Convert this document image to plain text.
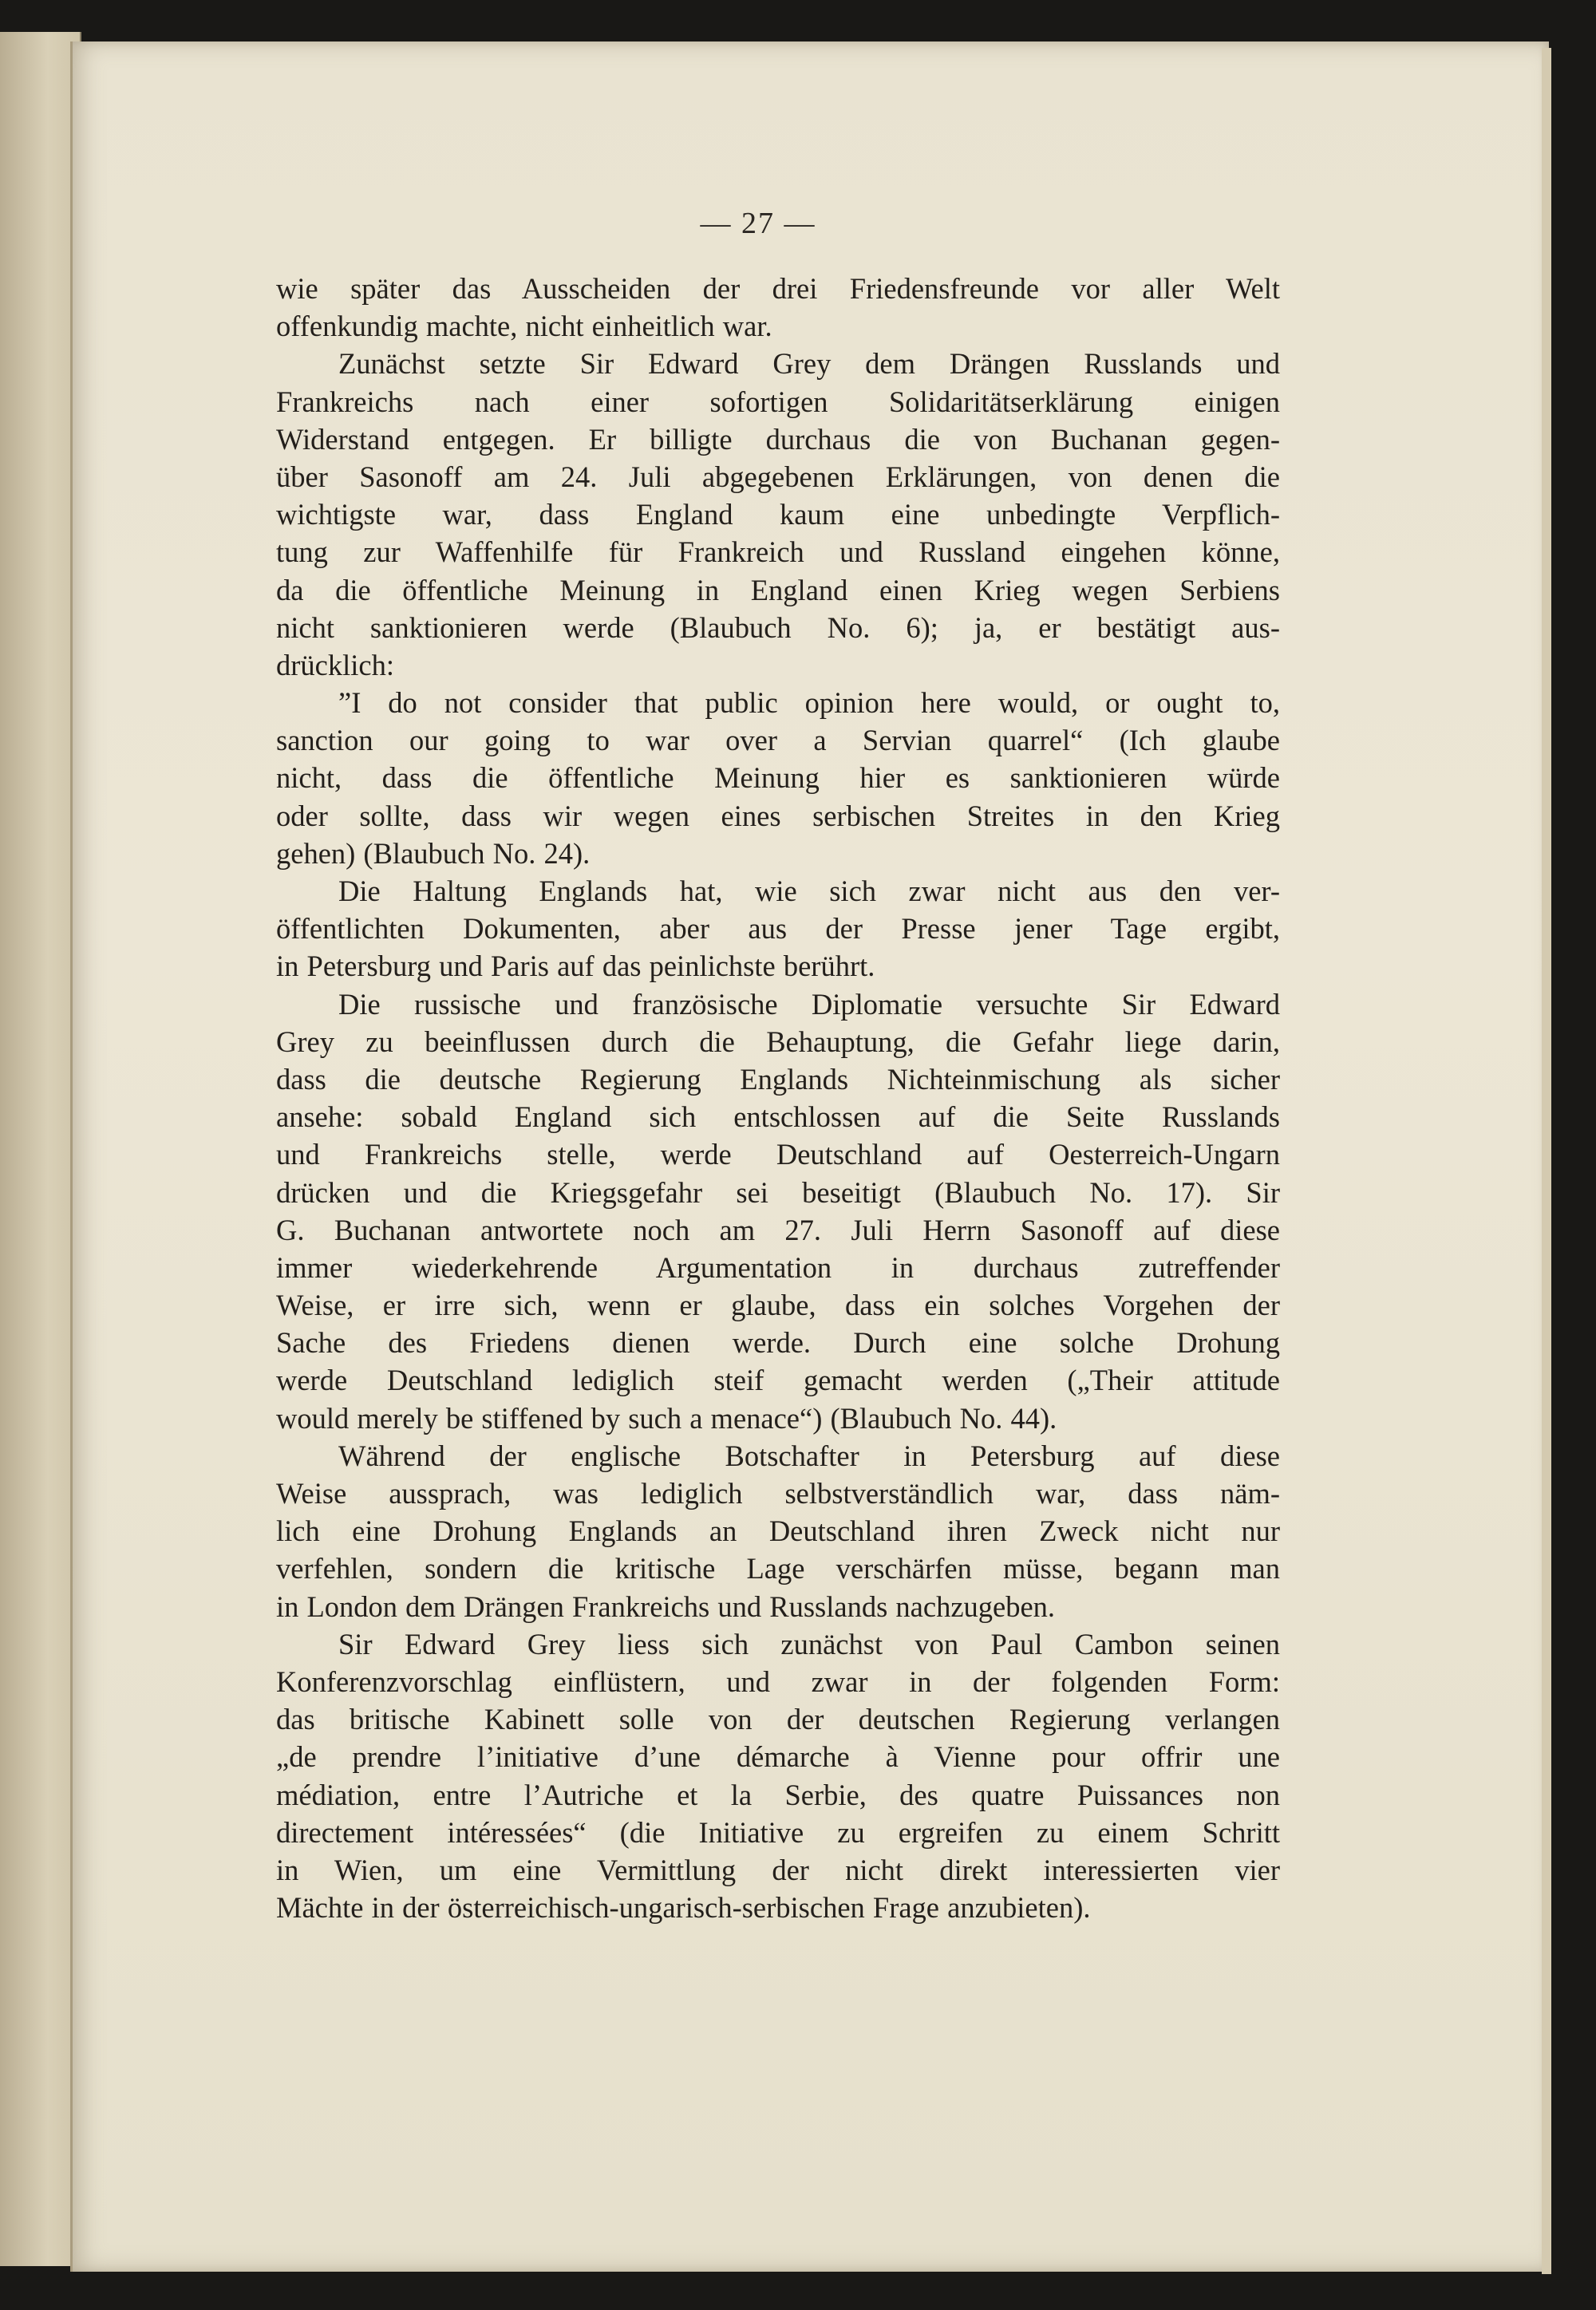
— 27 —
wie später das Ausscheiden der drei Friedensfreunde vor aller Welt
offenkundig machte, nicht einheitlich war.
Zunächst setzte Sir Edward Grey dem Drängen Russlands und
Frankreichs nach einer sofortigen Solidaritätserklärung einigen
Widerstand entgegen. Er billigte durchaus die von Buchanan gegen-
über Sasonoff am 24. Juli abgegebenen Erklärungen, von denen die
wichtigste war, dass England kaum eine unbedingte Verpflich-
tung zur Waffenhilfe für Frankreich und Russland eingehen könne,
da die öffentliche Meinung in England einen Krieg wegen Serbiens
nicht sanktionieren werde (Blaubuch No. 6); ja, er bestätigt aus-
drücklich:
”I do not consider that public opinion here would, or ought to,
sanction our going to war over a Servian quarrel“ (Ich glaube
nicht, dass die öffentliche Meinung hier es sanktionieren würde
oder sollte, dass wir wegen eines serbischen Streites in den Krieg
gehen) (Blaubuch No. 24).
Die Haltung Englands hat, wie sich zwar nicht aus den ver-
öffentlichten Dokumenten, aber aus der Presse jener Tage ergibt,
in Petersburg und Paris auf das peinlichste berührt.
Die russische und französische Diplomatie versuchte Sir Edward
Grey zu beeinflussen durch die Behauptung, die Gefahr liege darin,
dass die deutsche Regierung Englands Nichteinmischung als sicher
ansehe: sobald England sich entschlossen auf die Seite Russlands
und Frankreichs stelle, werde Deutschland auf Oesterreich-Ungarn
drücken und die Kriegsgefahr sei beseitigt (Blaubuch No. 17). Sir
G. Buchanan antwortete noch am 27. Juli Herrn Sasonoff auf diese
immer wiederkehrende Argumentation in durchaus zutreffender
Weise, er irre sich, wenn er glaube, dass ein solches Vorgehen der
Sache des Friedens dienen werde. Durch eine solche Drohung
werde Deutschland lediglich steif gemacht werden („Their attitude
would merely be stiffened by such a menace“) (Blaubuch No. 44).
Während der englische Botschafter in Petersburg auf diese
Weise aussprach, was lediglich selbstverständlich war, dass näm-
lich eine Drohung Englands an Deutschland ihren Zweck nicht nur
verfehlen, sondern die kritische Lage verschärfen müsse, begann man
in London dem Drängen Frankreichs und Russlands nachzugeben.
Sir Edward Grey liess sich zunächst von Paul Cambon seinen
Konferenzvorschlag einflüstern, und zwar in der folgenden Form:
das britische Kabinett solle von der deutschen Regierung verlangen
„de prendre l’initiative d’une démarche à Vienne pour offrir une
médiation, entre l’Autriche et la Serbie, des quatre Puissances non
directement intéressées“ (die Initiative zu ergreifen zu einem Schritt
in Wien, um eine Vermittlung der nicht direkt interessierten vier
Mächte in der österreichisch-ungarisch-serbischen Frage anzubieten).
